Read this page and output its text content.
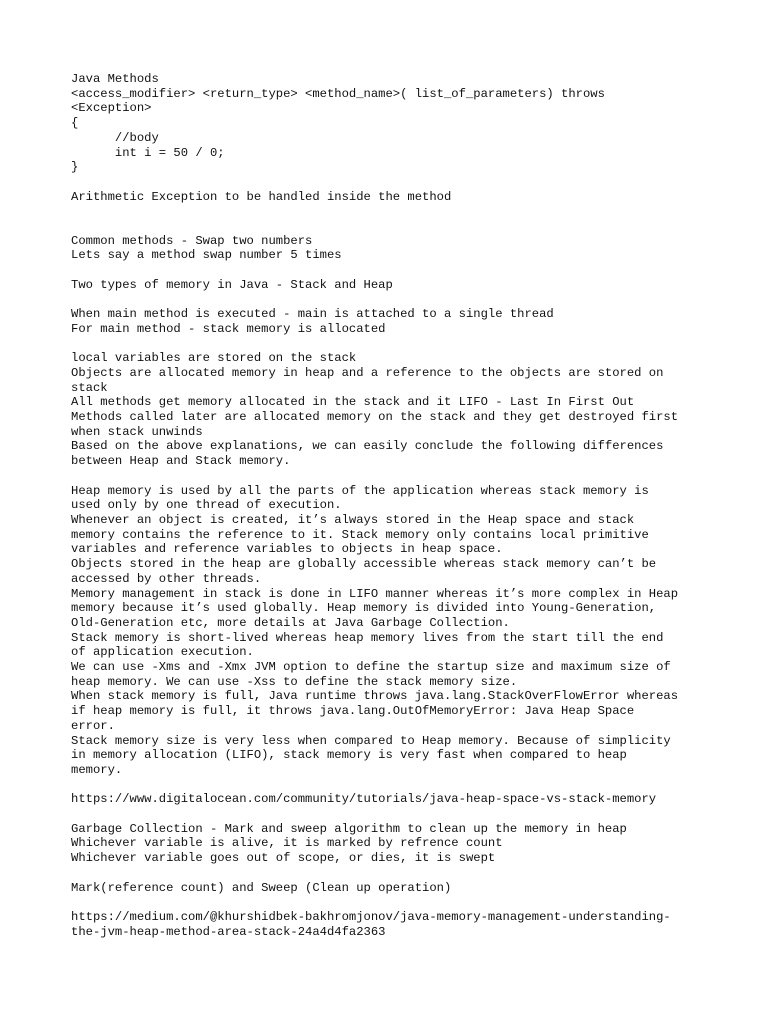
Java Methods
<access_modifier> <return_type> <method_name>( list_of_parameters) throws
<Exception>
{
//body
int i = 50 / 0;
}
Arithmetic Exception to be handled inside the method
Common methods - Swap two numbers
Lets say a method swap number 5 times
Two types of memory in Java - Stack and Heap
When main method is executed - main is attached to a single thread
For main method - stack memory is allocated
local variables are stored on the stack
Objects are allocated memory in heap and a reference to the objects are stored on
stack
All methods get memory allocated in the stack and it LIFO - Last In First Out
Methods called later are allocated memory on the stack and they get destroyed first
when stack unwinds
Based on the above explanations, we can easily conclude the following differences
between Heap and Stack memory.
Heap memory is used by all the parts of the application whereas stack memory is
used only by one thread of execution.
Whenever an object is created, it’s always stored in the Heap space and stack
memory contains the reference to it. Stack memory only contains local primitive
variables and reference variables to objects in heap space.
Objects stored in the heap are globally accessible whereas stack memory can’t be
accessed by other threads.
Memory management in stack is done in LIFO manner whereas it’s more complex in Heap
memory because it’s used globally. Heap memory is divided into Young-Generation,
Old-Generation etc, more details at Java Garbage Collection.
Stack memory is short-lived whereas heap memory lives from the start till the end
of application execution.
We can use -Xms and -Xmx JVM option to define the startup size and maximum size of
heap memory. We can use -Xss to define the stack memory size.
When stack memory is full, Java runtime throws java.lang.StackOverFlowError whereas
if heap memory is full, it throws java.lang.OutOfMemoryError: Java Heap Space
error.
Stack memory size is very less when compared to Heap memory. Because of simplicity
in memory allocation (LIFO), stack memory is very fast when compared to heap
memory.
https://www.digitalocean.com/community/tutorials/java-heap-space-vs-stack-memory
Garbage Collection - Mark and sweep algorithm to clean up the memory in heap
Whichever variable is alive, it is marked by refrence count
Whichever variable goes out of scope, or dies, it is swept
Mark(reference count) and Sweep (Clean up operation)
https://medium.com/@khurshidbek-bakhromjonov/java-memory-management-understanding-
the-jvm-heap-method-area-stack-24a4d4fa2363
